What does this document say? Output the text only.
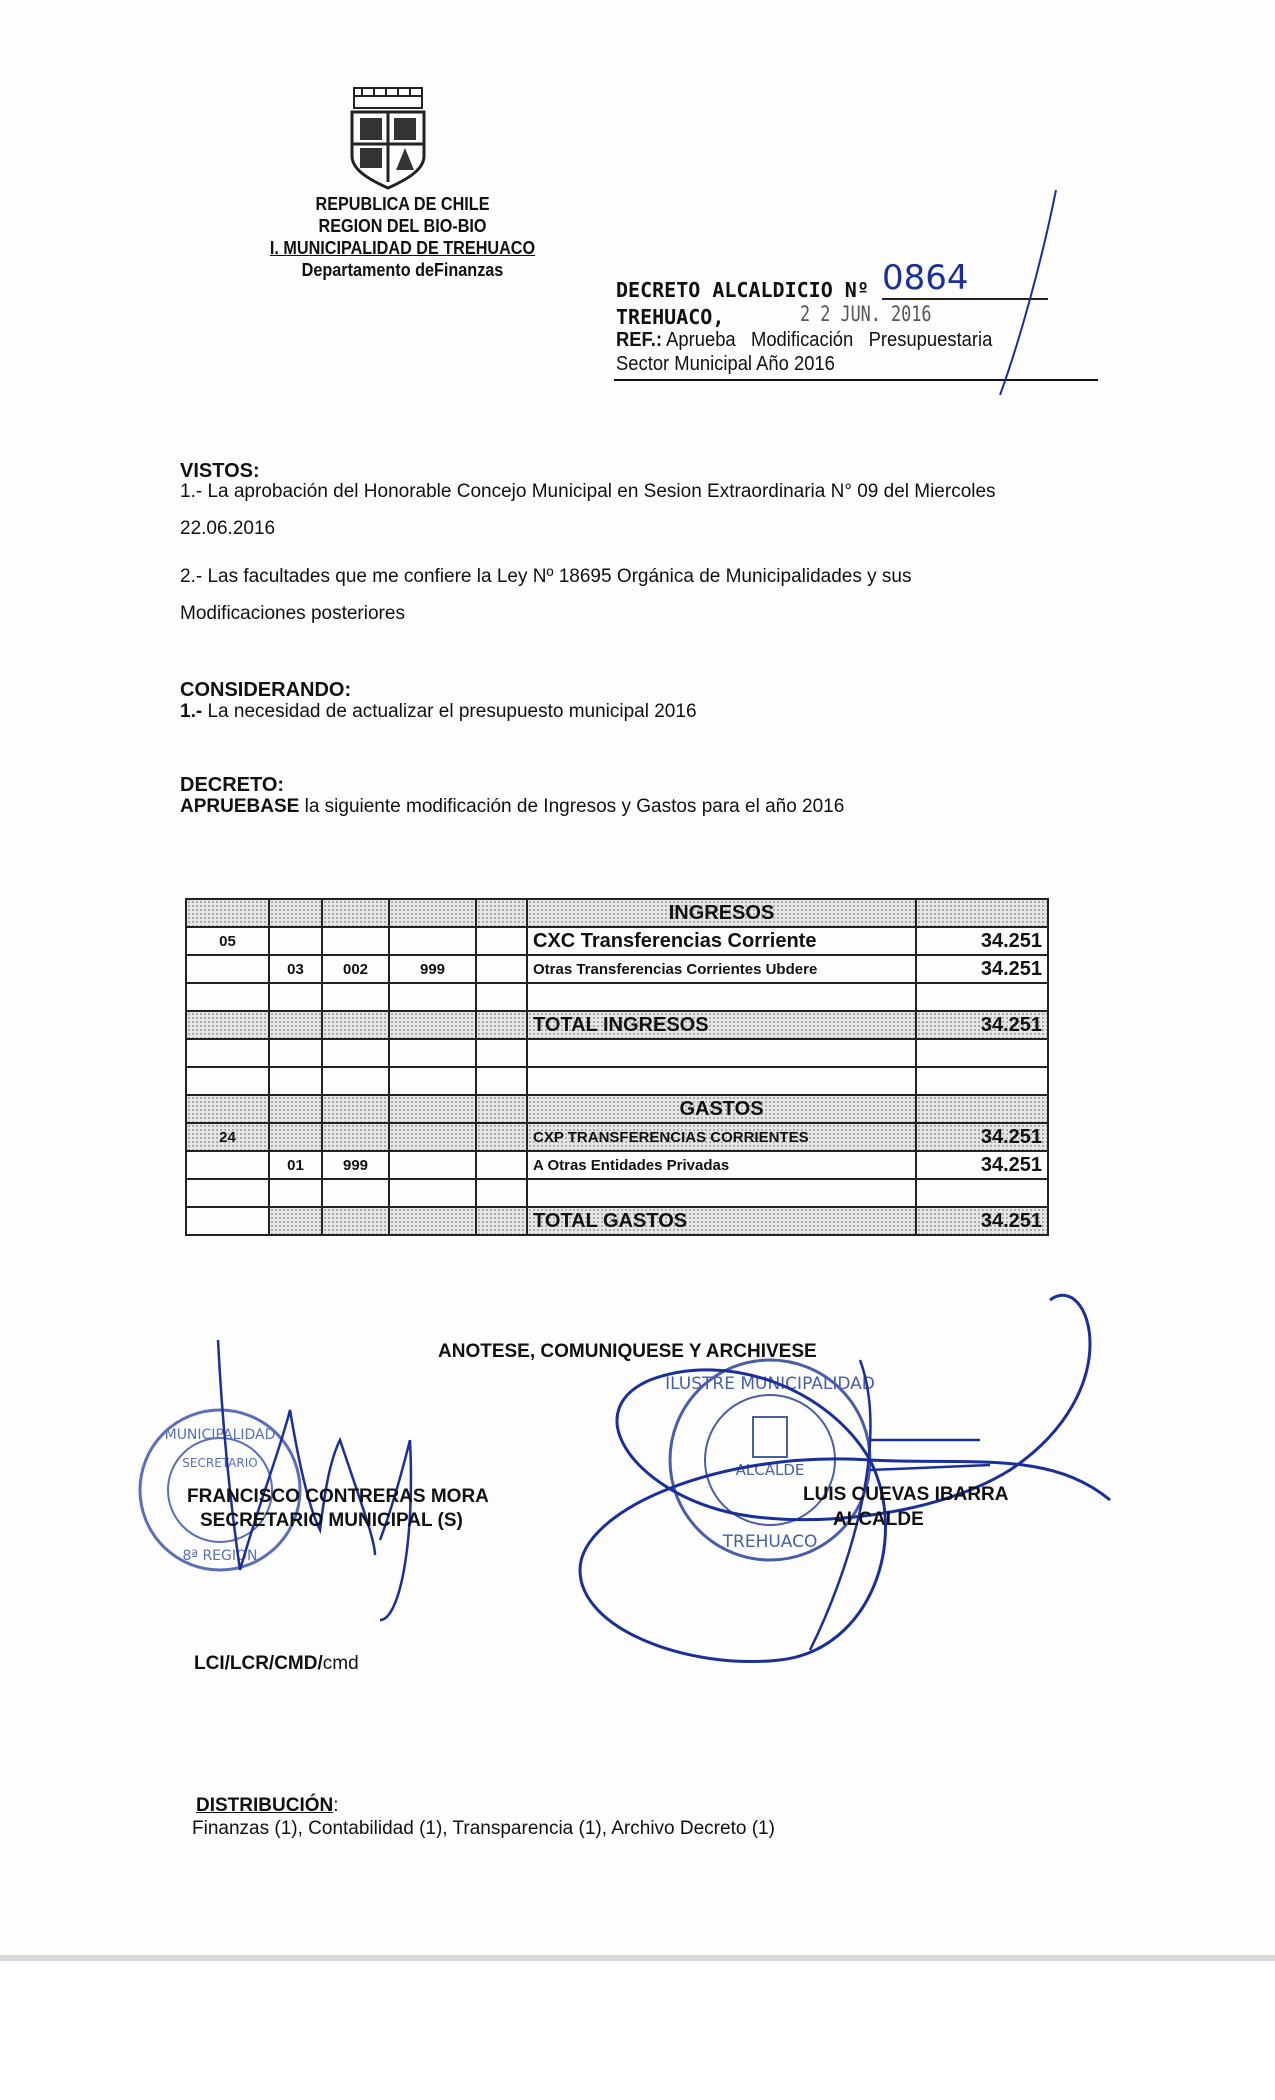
REPUBLICA DE CHILE
REGION DEL BIO-BIO
I. MUNICIPALIDAD DE TREHUACO
Departamento deFinanzas
DECRETO ALCALDICIO Nº 0864
TREHUACO,	2 2 JUN. 2016
REF.: Aprueba   Modificación   Presupuestaria
Sector Municipal Año 2016
VISTOS:
1.- La aprobación del Honorable Concejo Municipal en Sesion Extraordinaria N° 09 del Miercoles
22.06.2016
2.- Las facultades que me confiere la Ley Nº 18695 Orgánica de Municipalidades y sus
Modificaciones posteriores
CONSIDERANDO:
1.- La necesidad de actualizar el presupuesto municipal 2016
DECRETO:
APRUEBASE la siguiente modificación de Ingresos y Gastos para el año 2016
					INGRESOS	
05					CXC Transferencias Corriente	34.251
	03	002	999		Otras Transferencias Corrientes Ubdere	34.251

					TOTAL INGRESOS	34.251

					GASTOS	
24					CXP TRANSFERENCIAS CORRIENTES	34.251
	01	999			A Otras Entidades Privadas	34.251

					TOTAL GASTOS	34.251
ANOTESE, COMUNIQUESE Y ARCHIVESE
MUNICIPALIDAD
SECRETARIO
8ª REGION
ILUSTRE MUNICIPALIDAD
ALCALDE
TREHUACO
FRANCISCO CONTRERAS MORA
SECRETARIO MUNICIPAL (S)
LUIS CUEVAS IBARRA
ALCALDE
LCI/LCR/CMD/cmd
DISTRIBUCIÓN:
Finanzas (1), Contabilidad (1), Transparencia (1), Archivo Decreto (1)
